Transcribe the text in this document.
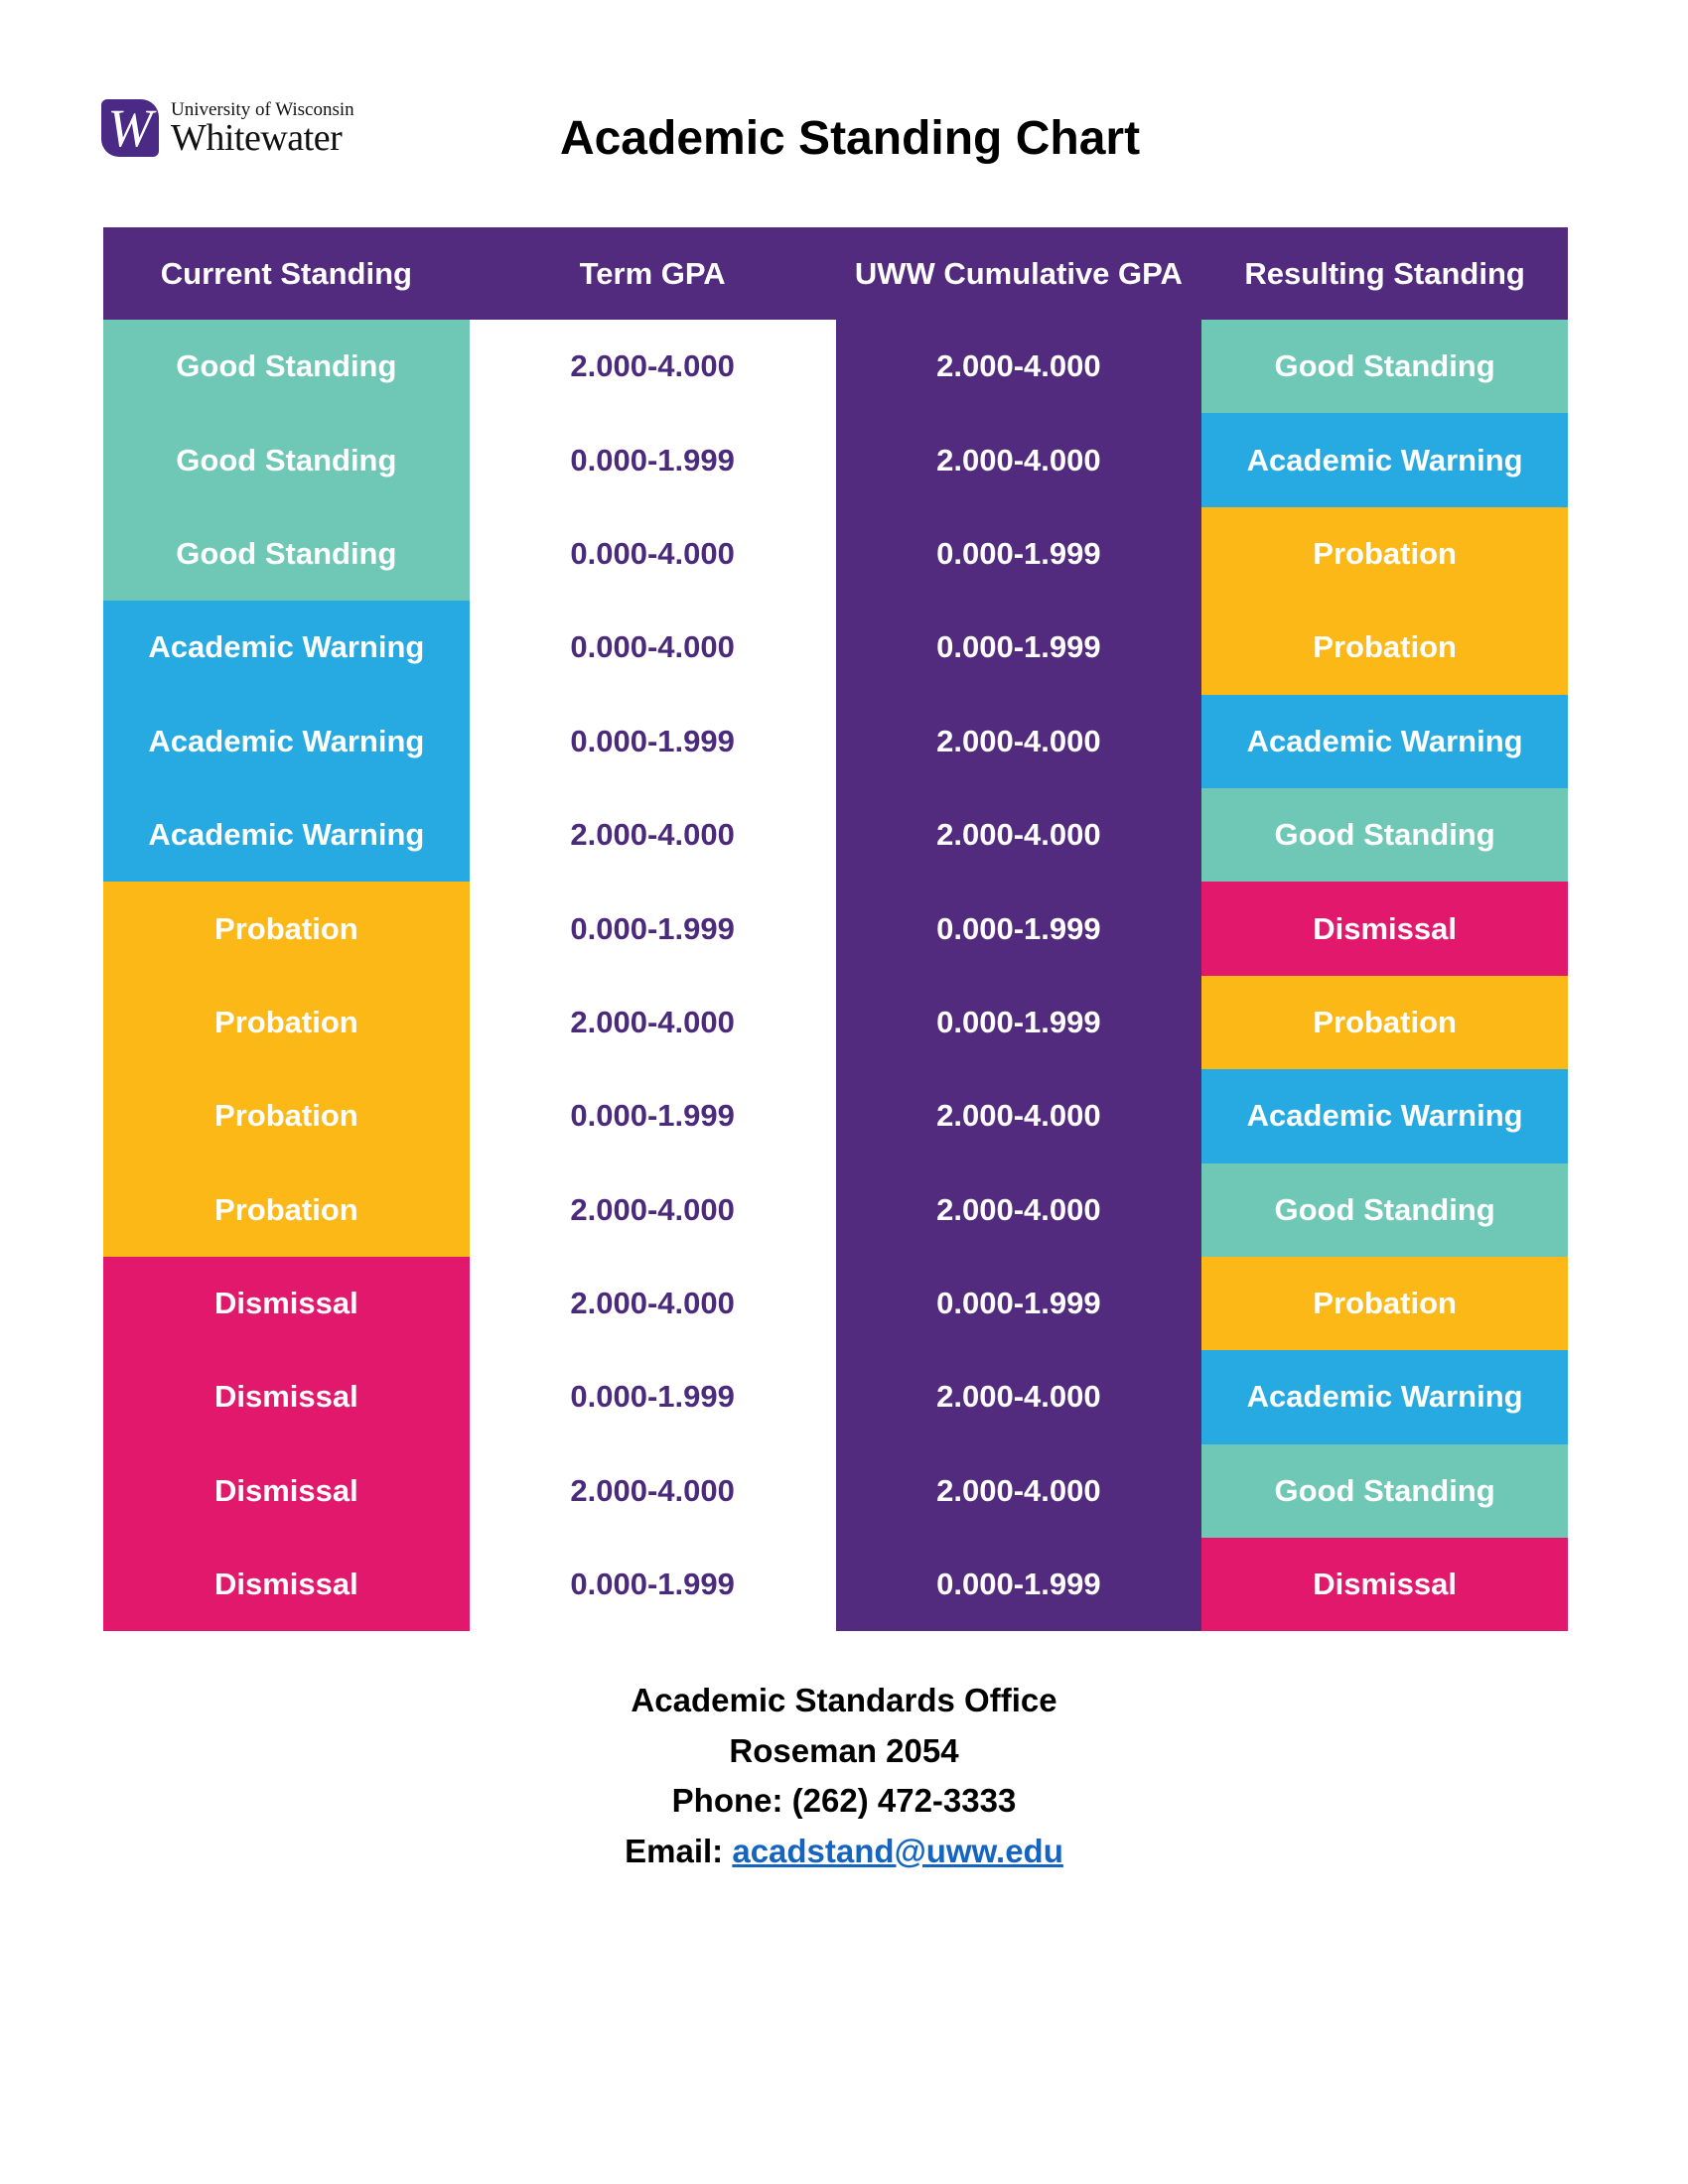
W University of Wisconsin
Whitewater	Academic Standing Chart
Current Standing	Term GPA	UWW Cumulative GPA	Resulting Standing
Good Standing	2.000-4.000	2.000-4.000	Good Standing
Good Standing	0.000-1.999	2.000-4.000	Academic Warning
Good Standing	0.000-4.000	0.000-1.999	Probation
Academic Warning	0.000-4.000	0.000-1.999	Probation
Academic Warning	0.000-1.999	2.000-4.000	Academic Warning
Academic Warning	2.000-4.000	2.000-4.000	Good Standing
Probation	0.000-1.999	0.000-1.999	Dismissal
Probation	2.000-4.000	0.000-1.999	Probation
Probation	0.000-1.999	2.000-4.000	Academic Warning
Probation	2.000-4.000	2.000-4.000	Good Standing
Dismissal	2.000-4.000	0.000-1.999	Probation
Dismissal	0.000-1.999	2.000-4.000	Academic Warning
Dismissal	2.000-4.000	2.000-4.000	Good Standing
Dismissal	0.000-1.999	0.000-1.999	Dismissal
Academic Standards Office
Roseman 2054
Phone: (262) 472-3333
Email: acadstand@uww.edu
